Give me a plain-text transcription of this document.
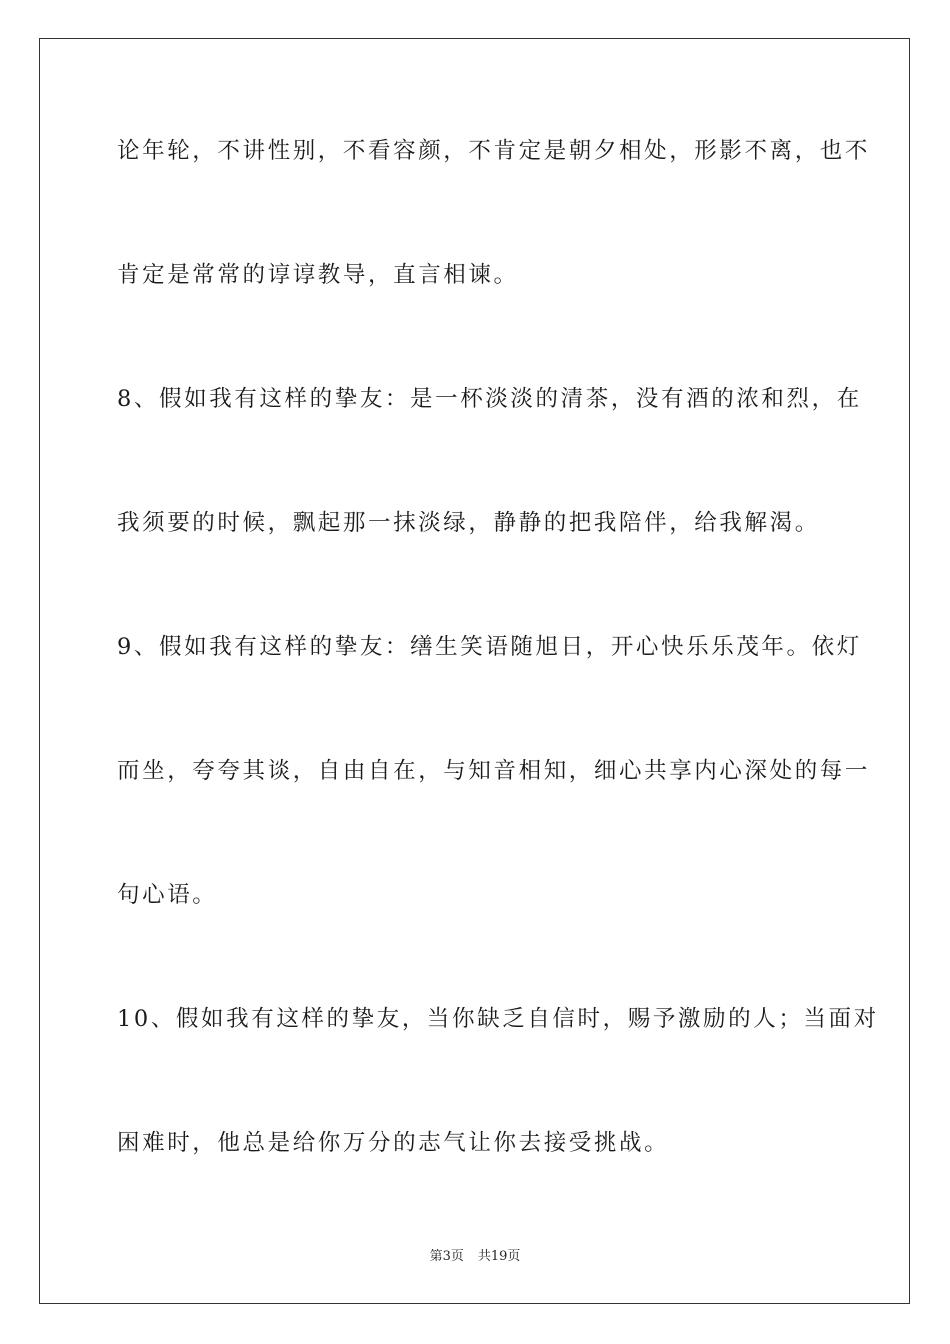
论年轮，不讲性别，不看容颜，不肯定是朝夕相处，形影不离，也不
肯定是常常的谆谆教导，直言相谏。
8、假如我有这样的挚友：是一杯淡淡的清茶，没有酒的浓和烈，在
我须要的时候，飘起那一抹淡绿，静静的把我陪伴，给我解渴。
9、假如我有这样的挚友：缮生笑语随旭日，开心快乐乐茂年。依灯
而坐，夸夸其谈，自由自在，与知音相知，细心共享内心深处的每一
句心语。
10、假如我有这样的挚友，当你缺乏自信时，赐予激励的人；当面对
困难时，他总是给你万分的志气让你去接受挑战。
第3页 共19页
